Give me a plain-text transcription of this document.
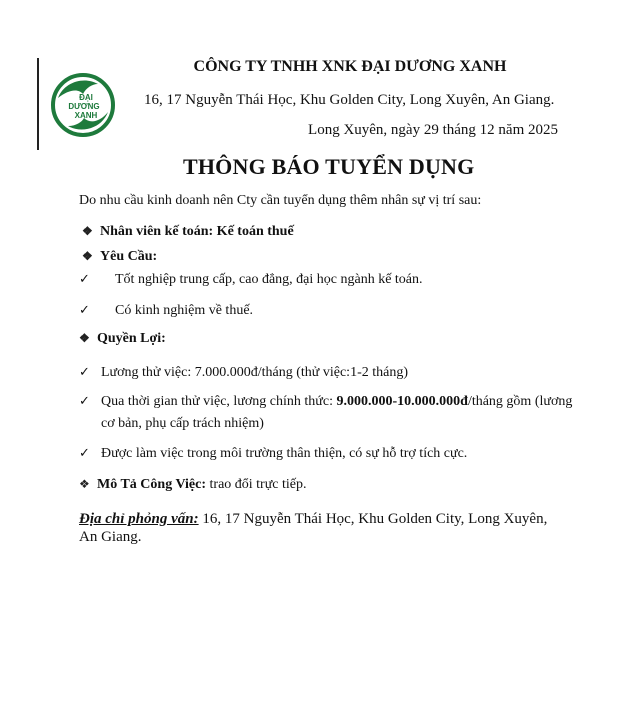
ĐẠI
DƯƠNG
XANH
CÔNG TY TNHH XNK ĐẠI DƯƠNG XANH
16, 17 Nguyễn Thái Học, Khu Golden City, Long Xuyên, An Giang.
Long Xuyên, ngày 29 tháng 12 năm 2025
THÔNG BÁO TUYỂN DỤNG
Do nhu cầu kinh doanh nên Cty cần tuyển dụng thêm nhân sự vị trí sau:
❖ Nhân viên kế toán: Kế toán thuế
❖ Yêu Cầu:
✓ Tốt nghiệp trung cấp, cao đẳng, đại học ngành kế toán.
✓ Có kinh nghiệm về thuế.
❖ Quyền Lợi:
✓ Lương thử việc: 7.000.000đ/tháng (thử việc:1-2 tháng)
✓ Qua thời gian thử việc, lương chính thức: 9.000.000-10.000.000đ/tháng gồm (lương
cơ bản, phụ cấp trách nhiệm)
✓ Được làm việc trong môi trường thân thiện, có sự hỗ trợ tích cực.
❖ Mô Tả Công Việc: trao đổi trực tiếp.
Địa chỉ phỏng vấn: 16, 17 Nguyễn Thái Học, Khu Golden City, Long Xuyên, An Giang.
